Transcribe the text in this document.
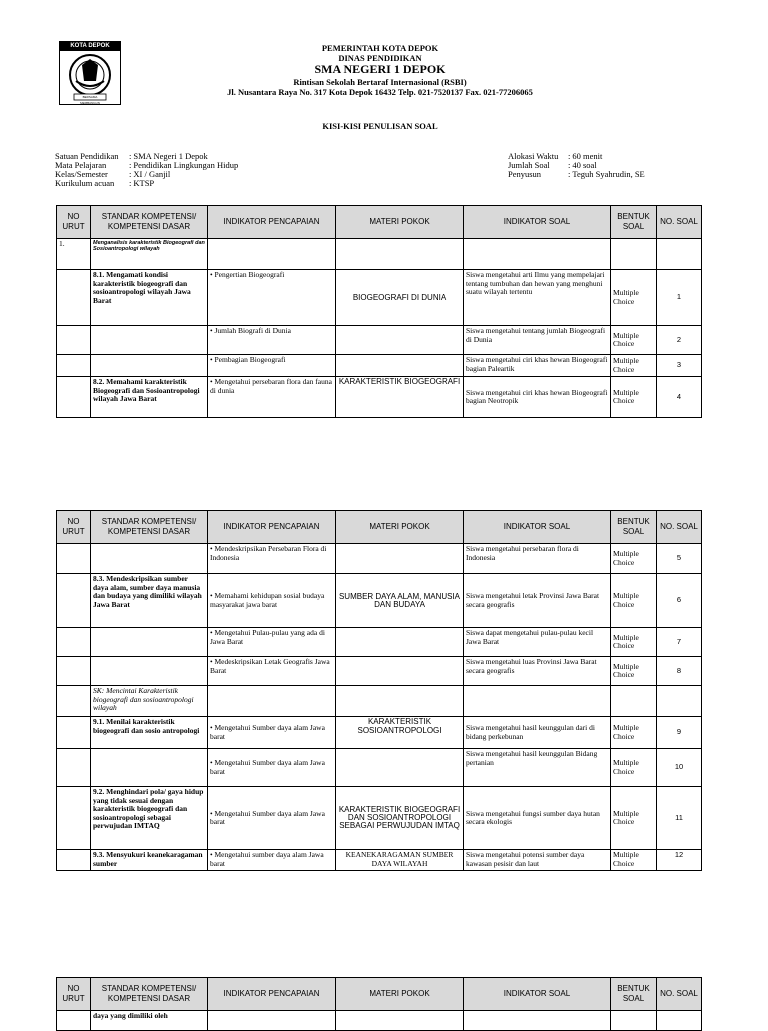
KOTA DEPOK
BERSAMA MEMBANGUN
PEMERINTAH KOTA DEPOK
DINAS PENDIDIKAN
SMA NEGERI 1 DEPOK
Rintisan Sekolah Bertaraf Internasional (RSBI)
Jl. Nusantara Raya No. 317 Kota Depok 16432 Telp. 021-7520137 Fax. 021-77206065
KISI-KISI PENULISAN SOAL
Satuan Pendidikan	:	SMA Negeri 1 Depok
Mata Pelajaran	:	Pendidikan Lingkungan Hidup
Kelas/Semester	:	XI / Ganjil
Kurikulum acuan	:	KTSP
Alokasi Waktu	:	60 menit
Jumlah Soal	:	40 soal
Penyusun	:	Teguh Syahrudin, SE
NO URUT	STANDAR KOMPETENSI/ KOMPETENSI DASAR	INDIKATOR PENCAPAIAN	MATERI POKOK	INDIKATOR SOAL	BENTUK SOAL	NO. SOAL
1.	Menganalisis karakteristik Biogeografi dan Sosioantropologi wilayah					
	8.1. Mengamati kondisi karakteristik biogeografi dan sosioantropologi wilayah Jawa Barat	• Pengertian Biogeografi	BIOGEOGRAFI DI DUNIA	Siswa mengetahui arti Ilmu yang mempelajari tentang tumbuhan dan hewan yang menghuni suatu wilayah tertentu	Multiple Choice	1
		• Jumlah Biografi di Dunia		Siswa mengetahui tentang jumlah Biogeografi di Dunia	Multiple Choice	2
		• Pembagian Biogeografi		Siswa mengetahui ciri khas hewan Biogeografi bagian Paleartik	Multiple Choice	3
	8.2. Memahami karakteristik Biogeografi dan Sosioantropologi wilayah Jawa Barat	• Mengetahui persebaran flora dan fauna di dunia	KARAKTERISTIK BIOGEOGRAFI	Siswa mengetahui ciri khas hewan Biogeografi bagian Neotropik	Multiple Choice	4
NO URUT	STANDAR KOMPETENSI/ KOMPETENSI DASAR	INDIKATOR PENCAPAIAN	MATERI POKOK	INDIKATOR SOAL	BENTUK SOAL	NO. SOAL
		• Mendeskripsikan Persebaran Flora di Indonesia		Siswa mengetahui persebaran flora di Indonesia	Multiple Choice	5
	8.3. Mendeskripsikan sumber daya alam, sumber daya manusia dan budaya yang dimiliki wilayah Jawa Barat	• Memahami kehidupan sosial budaya masyarakat jawa barat	SUMBER DAYA ALAM, MANUSIA DAN BUDAYA	Siswa mengetahui letak Provinsi Jawa Barat secara geografis	Multiple Choice	6
		• Mengetahui Pulau-pulau yang ada di Jawa Barat		Siswa dapat mengetahui pulau-pulau kecil Jawa Barat	Multiple Choice	7
		• Medeskripsikan Letak Geografis Jawa Barat		Siswa mengetahui luas Provinsi Jawa Barat secara geografis	Multiple Choice	8
	SK: Mencintai Karakteristik biogeografi dan sosioantropologi wilayah					
	9.1. Menilai karakteristik biogeografi dan sosio antropologi	• Mengetahui Sumber daya alam Jawa barat	KARAKTERISTIK SOSIOANTROPOLOGI	Siswa mengetahui hasil keunggulan dari di bidang perkebunan	Multiple Choice	9
		• Mengetahui Sumber daya alam Jawa barat		Siswa mengetahui hasil keunggulan Bidang pertanian	Multiple Choice	10
	9.2. Menghindari pola/ gaya hidup yang tidak sesuai dengan karakteristik biogeografi dan sosioantropologi sebagai perwujudan IMTAQ	• Mengetahui Sumber daya alam Jawa barat	KARAKTERISTIK BIOGEOGRAFI DAN SOSIOANTROPOLOGI SEBAGAI PERWUJUDAN IMTAQ	Siswa mengetahui fungsi sumber daya hutan secara ekologis	Multiple Choice	11
	9.3. Mensyukuri keanekaragaman sumber	• Mengetahui sumber daya alam Jawa barat	KEANEKARAGAMAN SUMBER DAYA WILAYAH	Siswa mengetahui potensi sumber daya kawasan pesisir dan laut	Multiple Choice	12
NO URUT	STANDAR KOMPETENSI/ KOMPETENSI DASAR	INDIKATOR PENCAPAIAN	MATERI POKOK	INDIKATOR SOAL	BENTUK SOAL	NO. SOAL
	daya yang dimiliki oleh					
